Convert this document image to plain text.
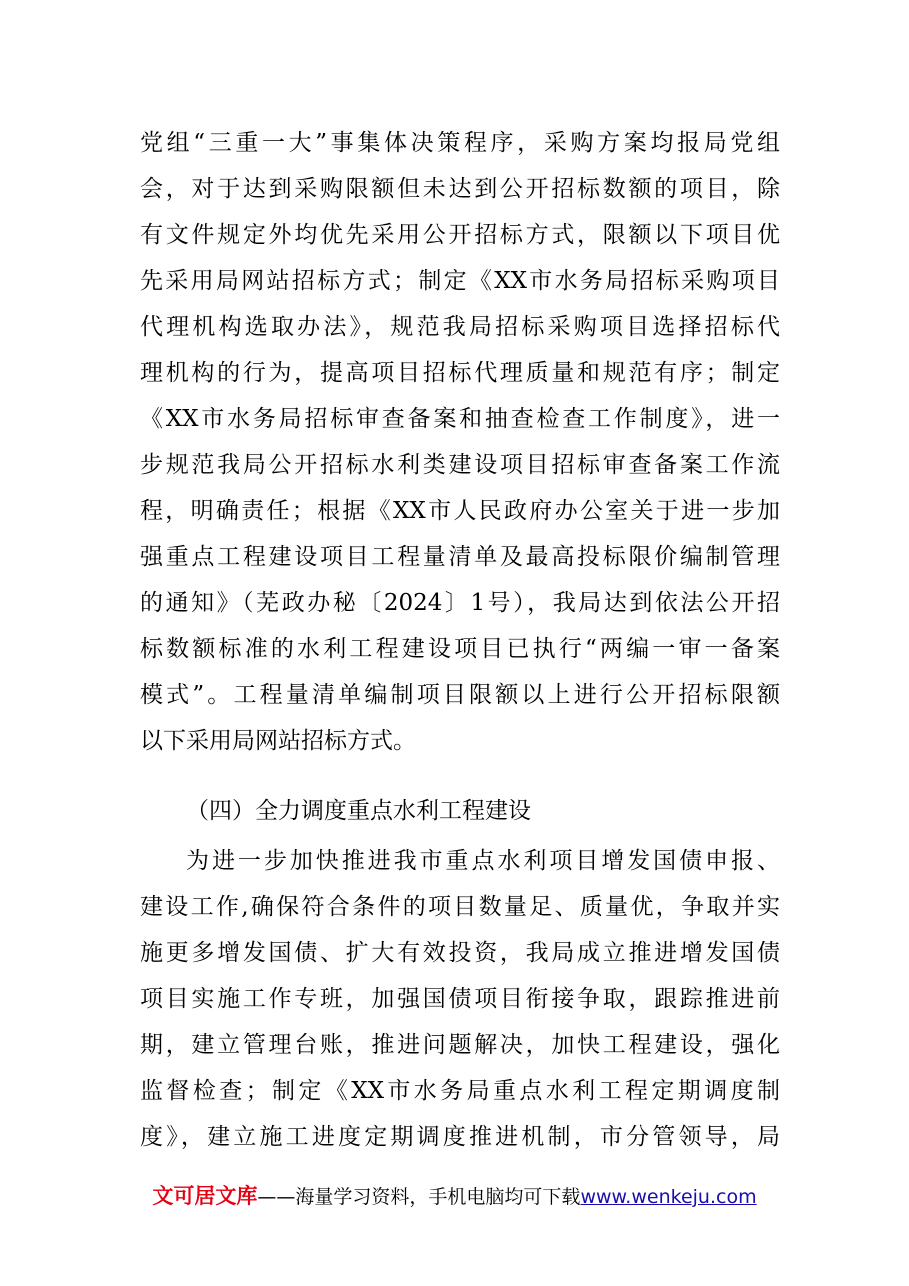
党组“三重一大”事集体决策程序，采购方案均报局党组
会，对于达到采购限额但未达到公开招标数额的项目，除
有文件规定外均优先采用公开招标方式，限额以下项目优
先采用局网站招标方式；制定《XX市水务局招标采购项目
代理机构选取办法》，规范我局招标采购项目选择招标代
理机构的行为，提高项目招标代理质量和规范有序；制定
《XX市水务局招标审查备案和抽查检查工作制度》，进一
步规范我局公开招标水利类建设项目招标审查备案工作流
程，明确责任；根据《XX市人民政府办公室关于进一步加
强重点工程建设项目工程量清单及最高投标限价编制管理
的通知》（芜政办秘〔2024〕1号），我局达到依法公开招
标数额标准的水利工程建设项目已执行“两编一审一备案
模式”。工程量清单编制项目限额以上进行公开招标限额
以下采用局网站招标方式。
（四）全力调度重点水利工程建设
为进一步加快推进我市重点水利项目增发国债申报、
建设工作,确保符合条件的项目数量足、质量优，争取并实
施更多增发国债、扩大有效投资，我局成立推进增发国债
项目实施工作专班，加强国债项目衔接争取，跟踪推进前
期，建立管理台账，推进问题解决，加快工程建设，强化
监督检查；制定《XX市水务局重点水利工程定期调度制
度》，建立施工进度定期调度推进机制，市分管领导，局
文可居文库——海量学习资料，手机电脑均可下载www.wenkeju.com
